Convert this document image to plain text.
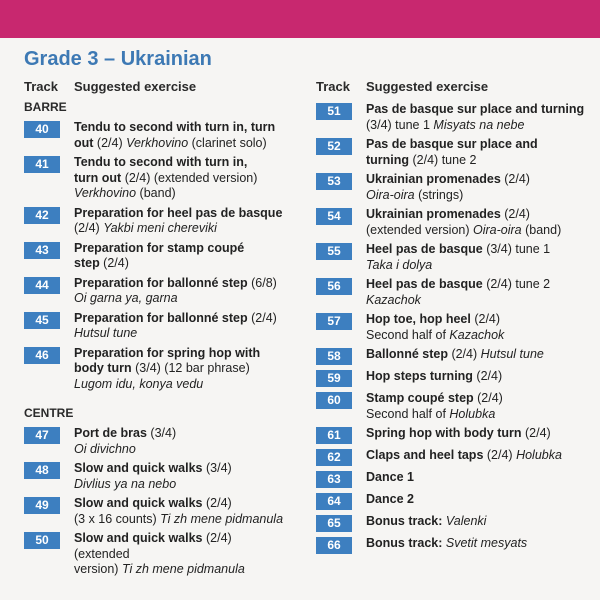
Grade 3 – Ukrainian
Track	Suggested exercise
BARRE
40	Tendu to second with turn in, turn
out (2/4) Verkhovino (clarinet solo)
41	Tendu to second with turn in,
turn out (2/4) (extended version)
Verkhovino (band)
42	Preparation for heel pas de basque
(2/4) Yakbi meni chereviki
43	Preparation for stamp coupé
step (2/4)
44	Preparation for ballonné step (6/8)
Oi garna ya, garna
45	Preparation for ballonné step (2/4)
Hutsul tune
46	Preparation for spring hop with
body turn (3/4) (12 bar phrase)
Lugom idu, konya vedu
CENTRE
47	Port de bras (3/4)
Oi divichno
48	Slow and quick walks (3/4)
Divlius ya na nebo
49	Slow and quick walks (2/4)
(3 x 16 counts) Ti zh mene pidmanula
50	Slow and quick walks (2/4) (extended
version) Ti zh mene pidmanula
Track	Suggested exercise
51	Pas de basque sur place and turning
(3/4) tune 1 Misyats na nebe
52	Pas de basque sur place and
turning (2/4) tune 2
53	Ukrainian promenades (2/4)
Oira-oira (strings)
54	Ukrainian promenades (2/4)
(extended version) Oira-oira (band)
55	Heel pas de basque (3/4) tune 1
Taka i dolya
56	Heel pas de basque (2/4) tune 2
Kazachok
57	Hop toe, hop heel (2/4)
Second half of Kazachok
58	Ballonné step (2/4) Hutsul tune
59	Hop steps turning (2/4)
60	Stamp coupé step (2/4)
Second half of Holubka
61	Spring hop with body turn (2/4)
62	Claps and heel taps (2/4) Holubka
63	Dance 1
64	Dance 2
65	Bonus track: Valenki
66	Bonus track: Svetit mesyats
